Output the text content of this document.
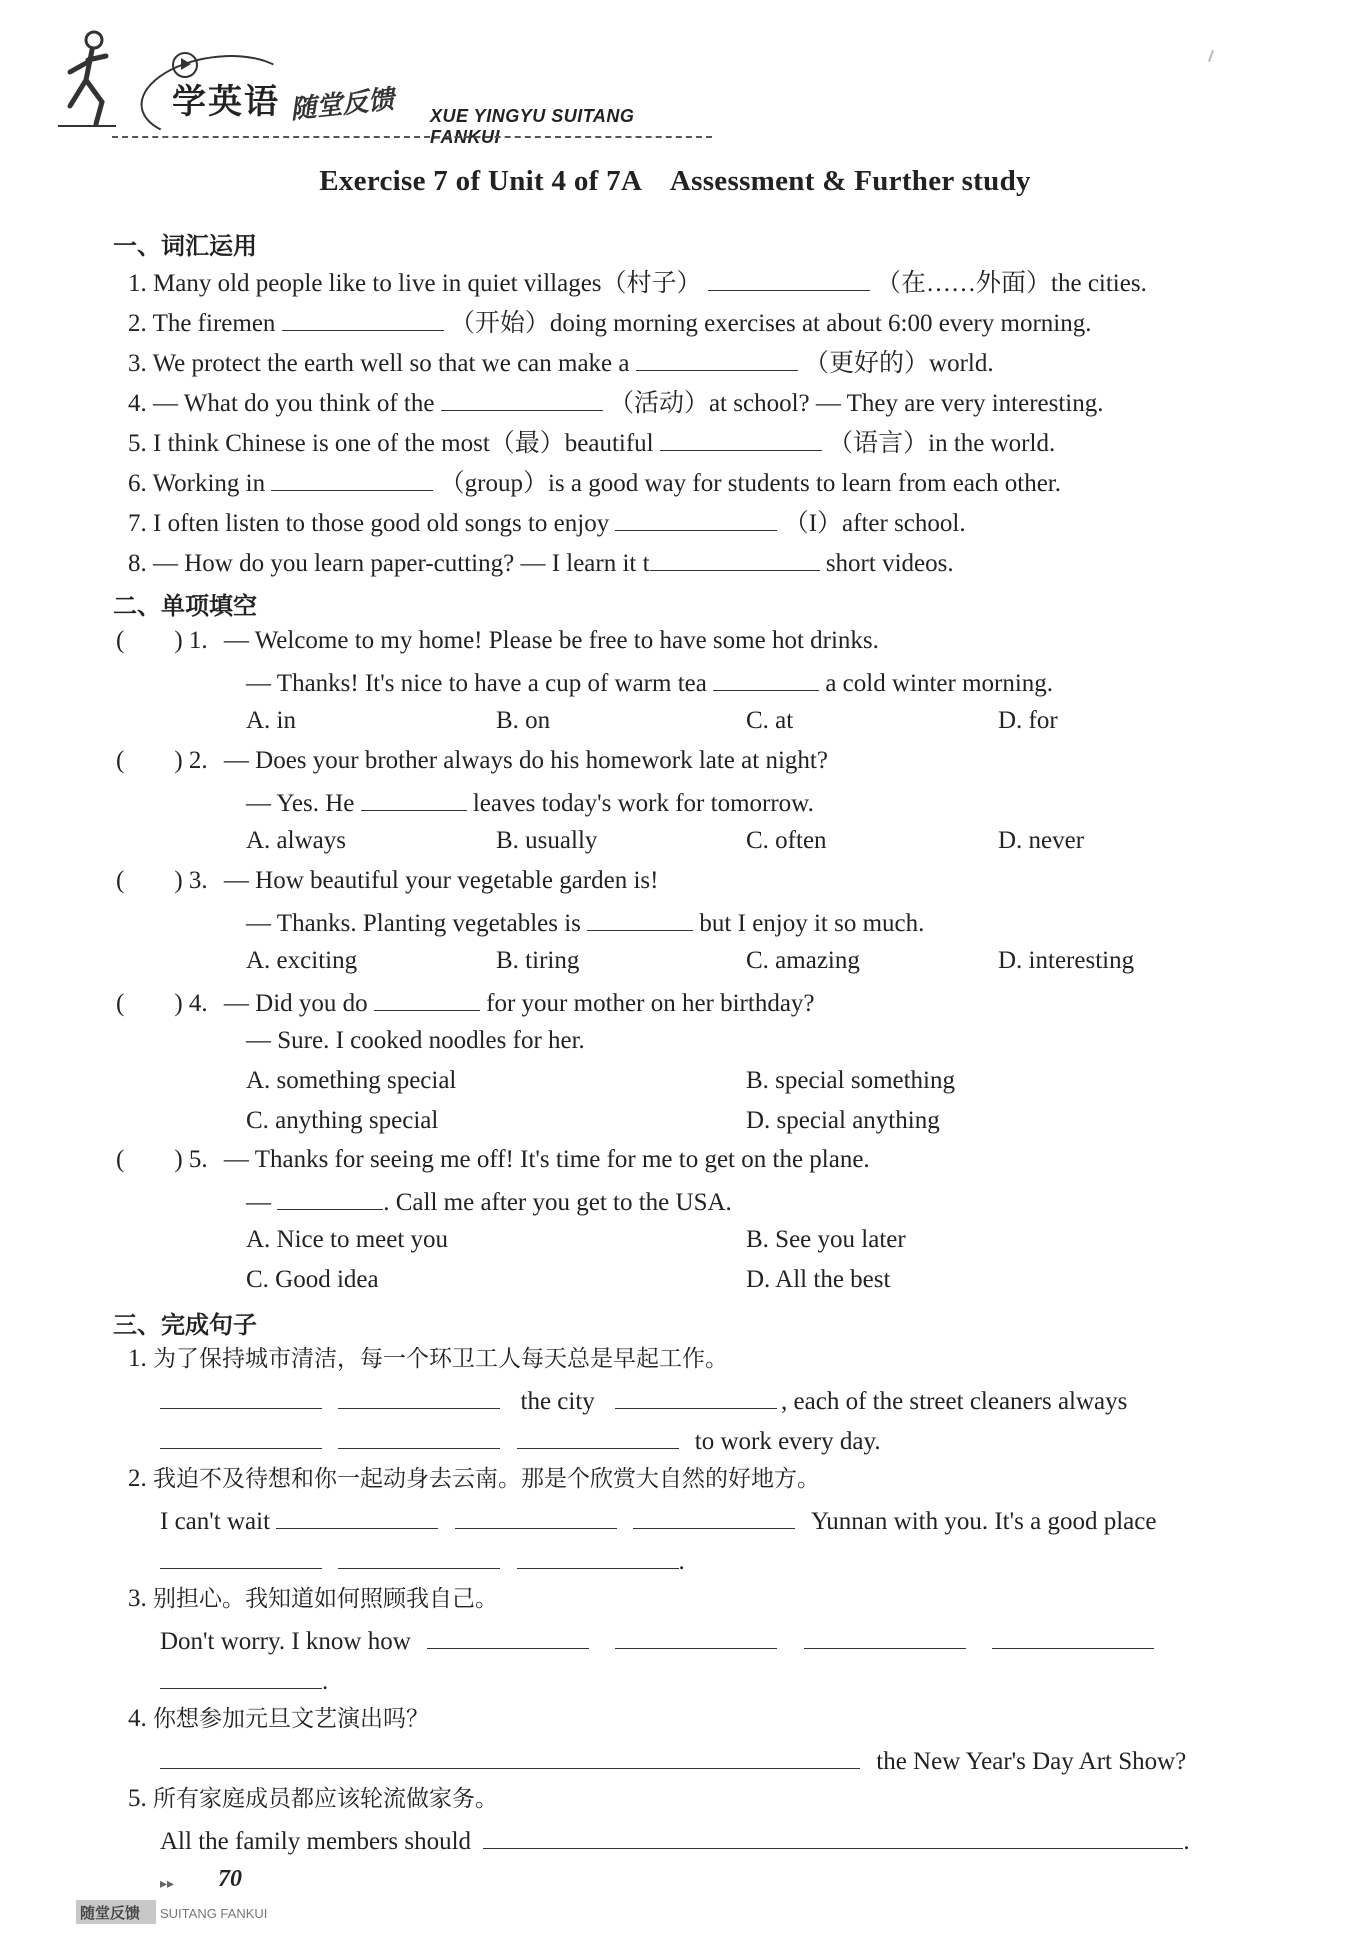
学英语 随堂反馈 XUE YINGYU SUITANG FANKUI
Exercise 7 of Unit 4 of 7A　Assessment & Further study
一、词汇运用
1. Many old people like to live in quiet villages（村子）	（在……外面）the cities.
2. The firemen	（开始）doing morning exercises at about 6:00 every morning.
3. We protect the earth well so that we can make a	（更好的）world.
4. — What do you think of the	（活动）at school? — They are very interesting.
5. I think Chinese is one of the most（最）beautiful	（语言）in the world.
6. Working in	（group）is a good way for students to learn from each other.
7. I often listen to those good old songs to enjoy	（I）after school.
8. — How do you learn paper-cutting? — I learn it t	short videos.
二、单项填空
(　　) 1. — Welcome to my home! Please be free to have some hot drinks.
— Thanks! It's nice to have a cup of warm tea	a cold winter morning.
A. in	B. on	C. at	D. for
(　　) 2. — Does your brother always do his homework late at night?
— Yes. He	leaves today's work for tomorrow.
A. always	B. usually	C. often	D. never
(　　) 3. — How beautiful your vegetable garden is!
— Thanks. Planting vegetables is	but I enjoy it so much.
A. exciting	B. tiring	C. amazing	D. interesting
(　　) 4. — Did you do	for your mother on her birthday?
— Sure. I cooked noodles for her.
A. something special	B. special something
C. anything special	D. special anything
(　　) 5. — Thanks for seeing me off! It's time for me to get on the plane.
—	. Call me after you get to the USA.
A. Nice to meet you	B. See you later
C. Good idea	D. All the best
三、完成句子
1. 为了保持城市清洁，每一个环卫工人每天总是早起工作。
the city	, each of the street cleaners always
to work every day.
2. 我迫不及待想和你一起动身去云南。那是个欣赏大自然的好地方。
I can't wait	Yunnan with you. It's a good place
.
3. 别担心。我知道如何照顾我自己。
Don't worry. I know how
.
4. 你想参加元旦文艺演出吗？
the New Year's Day Art Show?
5. 所有家庭成员都应该轮流做家务。
All the family members should	.
▸▸ 70
随堂反馈 SUITANG FANKUI
